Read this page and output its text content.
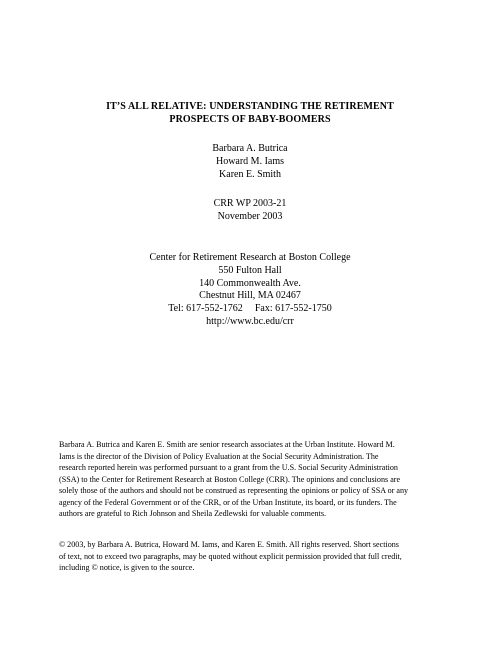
IT’S ALL RELATIVE: UNDERSTANDING THE RETIREMENT
PROSPECTS OF BABY-BOOMERS
Barbara A. Butrica
Howard M. Iams
Karen E. Smith
CRR WP 2003-21
November 2003
Center for Retirement Research at Boston College
550 Fulton Hall
140 Commonwealth Ave.
Chestnut Hill, MA 02467
Tel: 617-552-1762 Fax: 617-552-1750
http://www.bc.edu/crr
Barbara A. Butrica and Karen E. Smith are senior research associates at the Urban Institute. Howard M.
Iams is the director of the Division of Policy Evaluation at the Social Security Administration. The
research reported herein was performed pursuant to a grant from the U.S. Social Security Administration
(SSA) to the Center for Retirement Research at Boston College (CRR). The opinions and conclusions are
solely those of the authors and should not be construed as representing the opinions or policy of SSA or any
agency of the Federal Government or of the CRR, or of the Urban Institute, its board, or its funders. The
authors are grateful to Rich Johnson and Sheila Zedlewski for valuable comments.
© 2003, by Barbara A. Butrica, Howard M. Iams, and Karen E. Smith. All rights reserved. Short sections
of text, not to exceed two paragraphs, may be quoted without explicit permission provided that full credit,
including © notice, is given to the source.
